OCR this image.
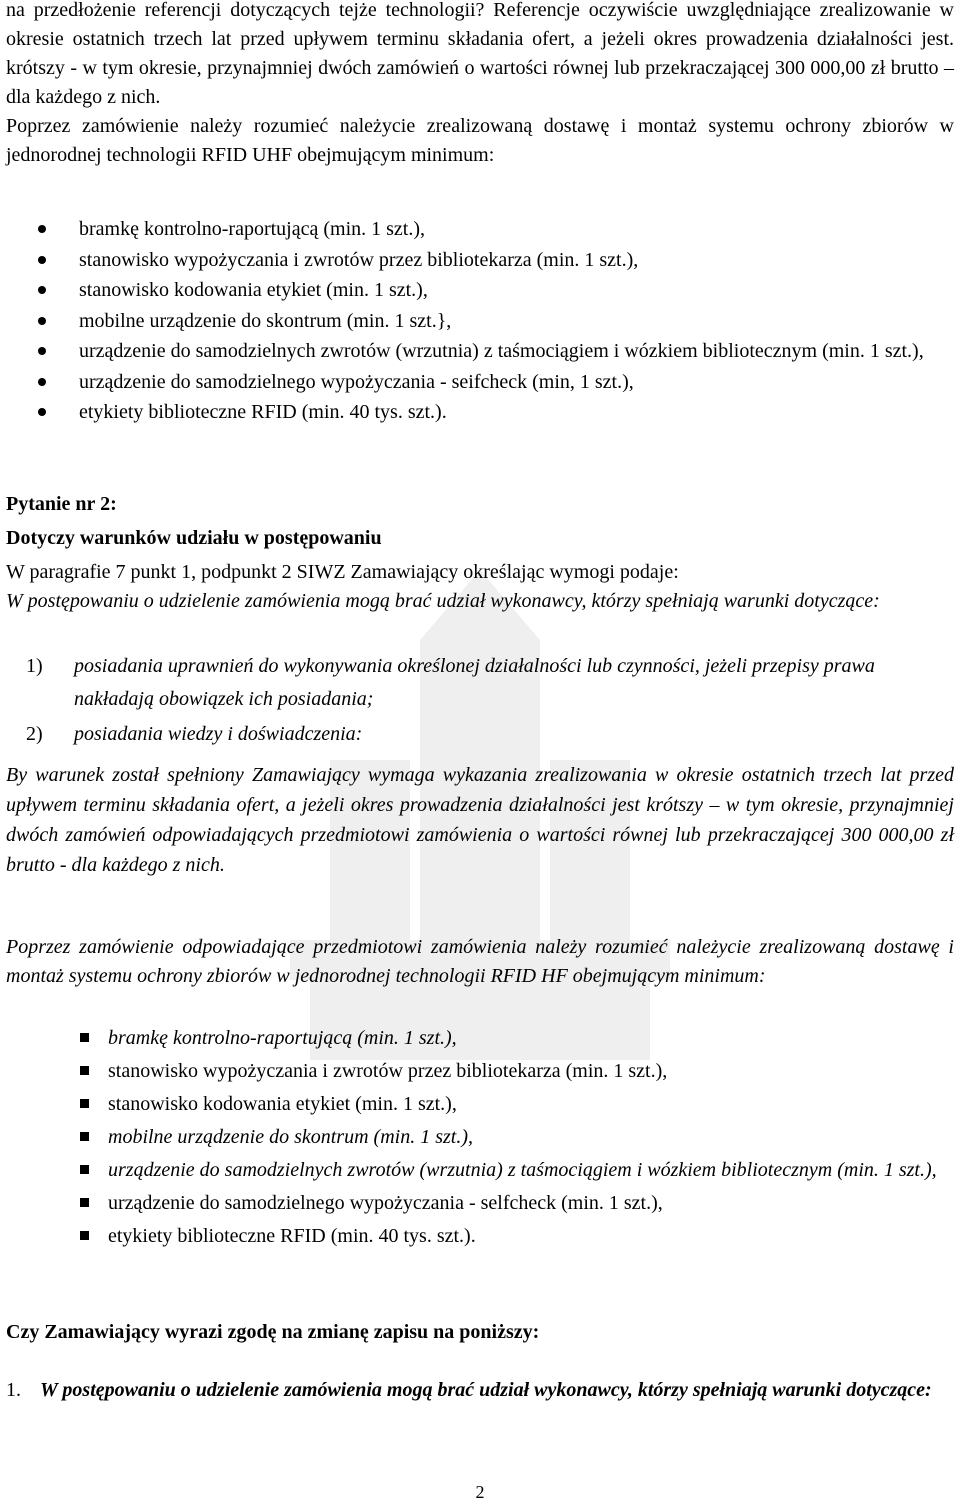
na przedłożenie referencji dotyczących tejże technologii? Referencje oczywiście uwzględniające zrealizowanie w okresie ostatnich trzech lat przed upływem terminu składania ofert, a jeżeli okres prowadzenia działalności jest. krótszy - w tym okresie, przynajmniej dwóch zamówień o wartości równej lub przekraczającej 300 000,00 zł brutto – dla każdego z nich.

Poprzez zamówienie należy rozumieć należycie zrealizowaną dostawę i montaż systemu ochrony zbiorów w jednorodnej technologii RFID UHF obejmującym minimum:

bramkę kontrolno-raportującą (min. 1 szt.),
stanowisko wypożyczania i zwrotów przez bibliotekarza (min. 1 szt.),
stanowisko kodowania etykiet (min. 1 szt.),
mobilne urządzenie do skontrum (min. 1 szt.},
urządzenie do samodzielnych zwrotów (wrzutnia) z taśmociągiem i wózkiem bibliotecznym (min. 1 szt.),
urządzenie do samodzielnego wypożyczania - seifcheck (min, 1 szt.),
etykiety biblioteczne RFID (min. 40 tys. szt.).

Pytanie nr 2:

Dotyczy warunków udziału w postępowaniu

W paragrafie 7 punkt 1, podpunkt 2 SIWZ Zamawiający określając wymogi podaje:

W postępowaniu o udzielenie zamówienia mogą brać udział wykonawcy, którzy spełniają warunki dotyczące:

1) posiadania uprawnień do wykonywania określonej działalności lub czynności, jeżeli przepisy prawa nakładają obowiązek ich posiadania;
2) posiadania wiedzy i doświadczenia:

By warunek został spełniony Zamawiający wymaga wykazania zrealizowania w okresie ostatnich trzech lat przed upływem terminu składania ofert, a jeżeli okres prowadzenia działalności jest krótszy – w tym okresie, przynajmniej dwóch zamówień odpowiadających przedmiotowi zamówienia o wartości równej lub przekraczającej 300 000,00 zł brutto - dla każdego z nich.

Poprzez zamówienie odpowiadające przedmiotowi zamówienia należy rozumieć należycie zrealizowaną dostawę i montaż systemu ochrony zbiorów w jednorodnej technologii RFID HF obejmującym minimum:

bramkę kontrolno-raportującą (min. 1 szt.),
stanowisko wypożyczania i zwrotów przez bibliotekarza (min. 1 szt.),
stanowisko kodowania etykiet (min. 1 szt.),
mobilne urządzenie do skontrum (min. 1 szt.),
urządzenie do samodzielnych zwrotów (wrzutnia) z taśmociągiem i wózkiem bibliotecznym (min. 1 szt.),
urządzenie do samodzielnego wypożyczania - selfcheck (min. 1 szt.),
etykiety biblioteczne RFID (min. 40 tys. szt.).

Czy Zamawiający wyrazi zgodę na zmianę zapisu na poniższy:

1. W postępowaniu o udzielenie zamówienia mogą brać udział wykonawcy, którzy spełniają warunki dotyczące:
2
